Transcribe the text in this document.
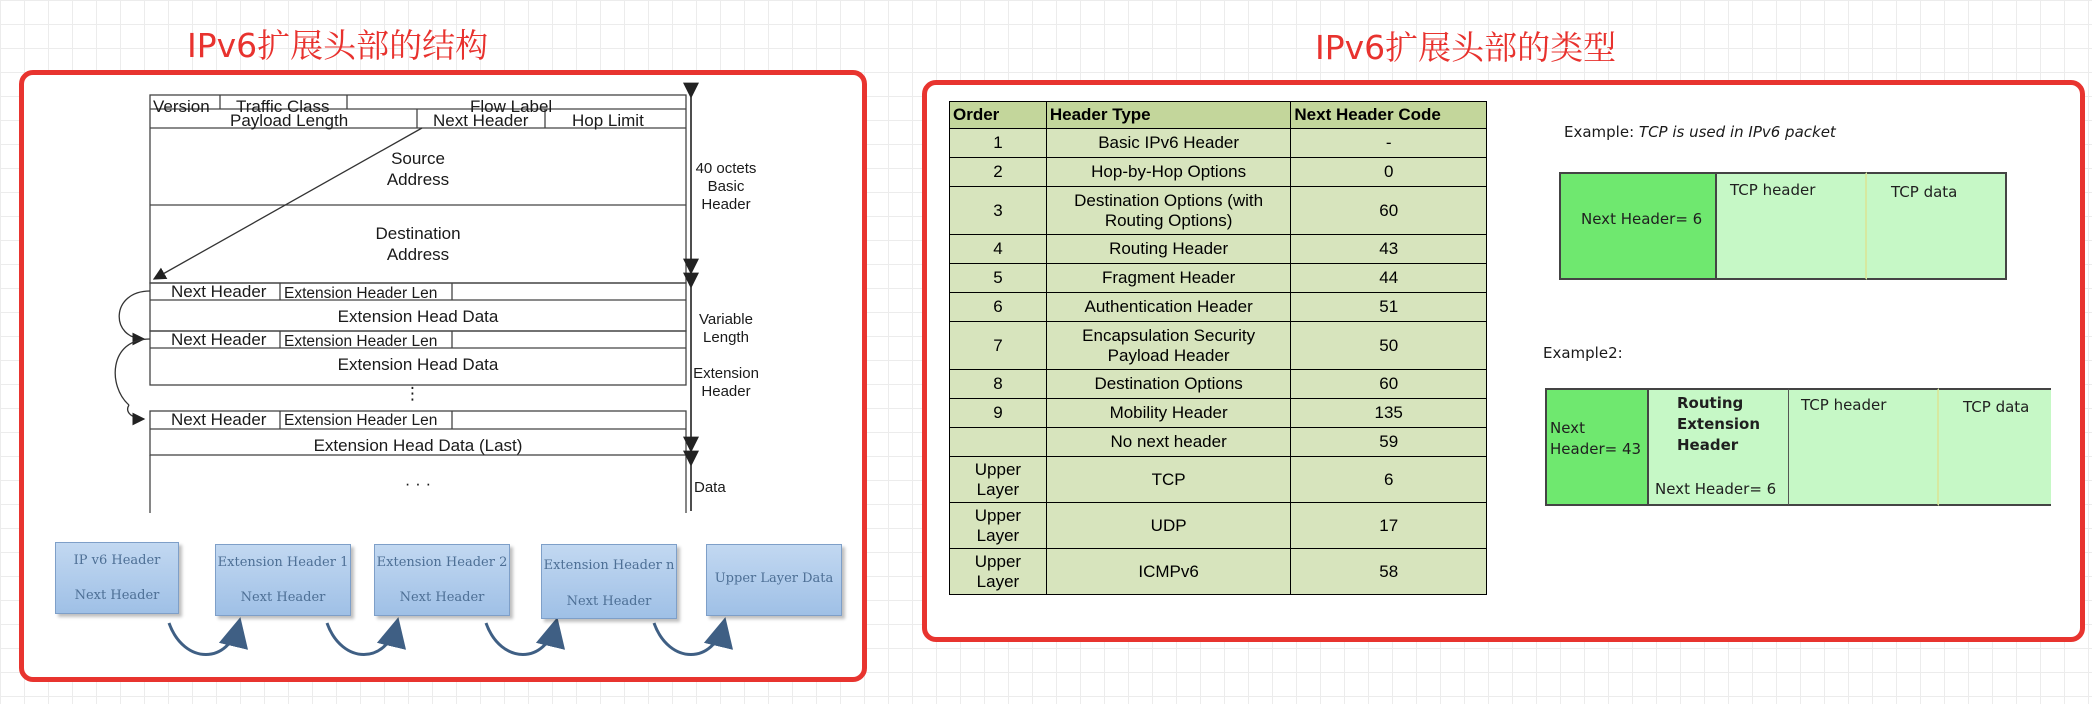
IPv6扩展头部的结构	IPv6扩展头部的类型
Version Traffic Class	Flow Label
Payload Length	Next Header	Hop Limit
Source
Address
Destination
Address
Next Header Extension Header Len
Extension Head Data
Next Header Extension Header Len
Extension Head Data
⋮
Next Header Extension Header Len
Extension Head Data (Last)
· · ·
40 octets
Basic
Header
Variable
Length
Extension
Header
Data
IP v6 Header
Next Header
Extension Header 1
Next Header
Extension Header 2
Next Header
Extension Header n
Next Header
Upper Layer Data
Order	Header Type	Next Header Code
1	Basic IPv6 Header	-
2	Hop-by-Hop Options	0
3	Destination Options (with Routing Options)	60
4	Routing Header	43
5	Fragment Header	44
6	Authentication Header	51
7	Encapsulation Security Payload Header	50
8	Destination Options	60
9	Mobility Header	135
	No next header	59
Upper Layer	TCP	6
Upper Layer	UDP	17
Upper Layer	ICMPv6	58
Example: TCP is used in IPv6 packet
Next Header= 6
TCP header	TCP data
Example2:
Next Header= 43
Routing Extension Header
Next Header= 6
TCP header	TCP data
